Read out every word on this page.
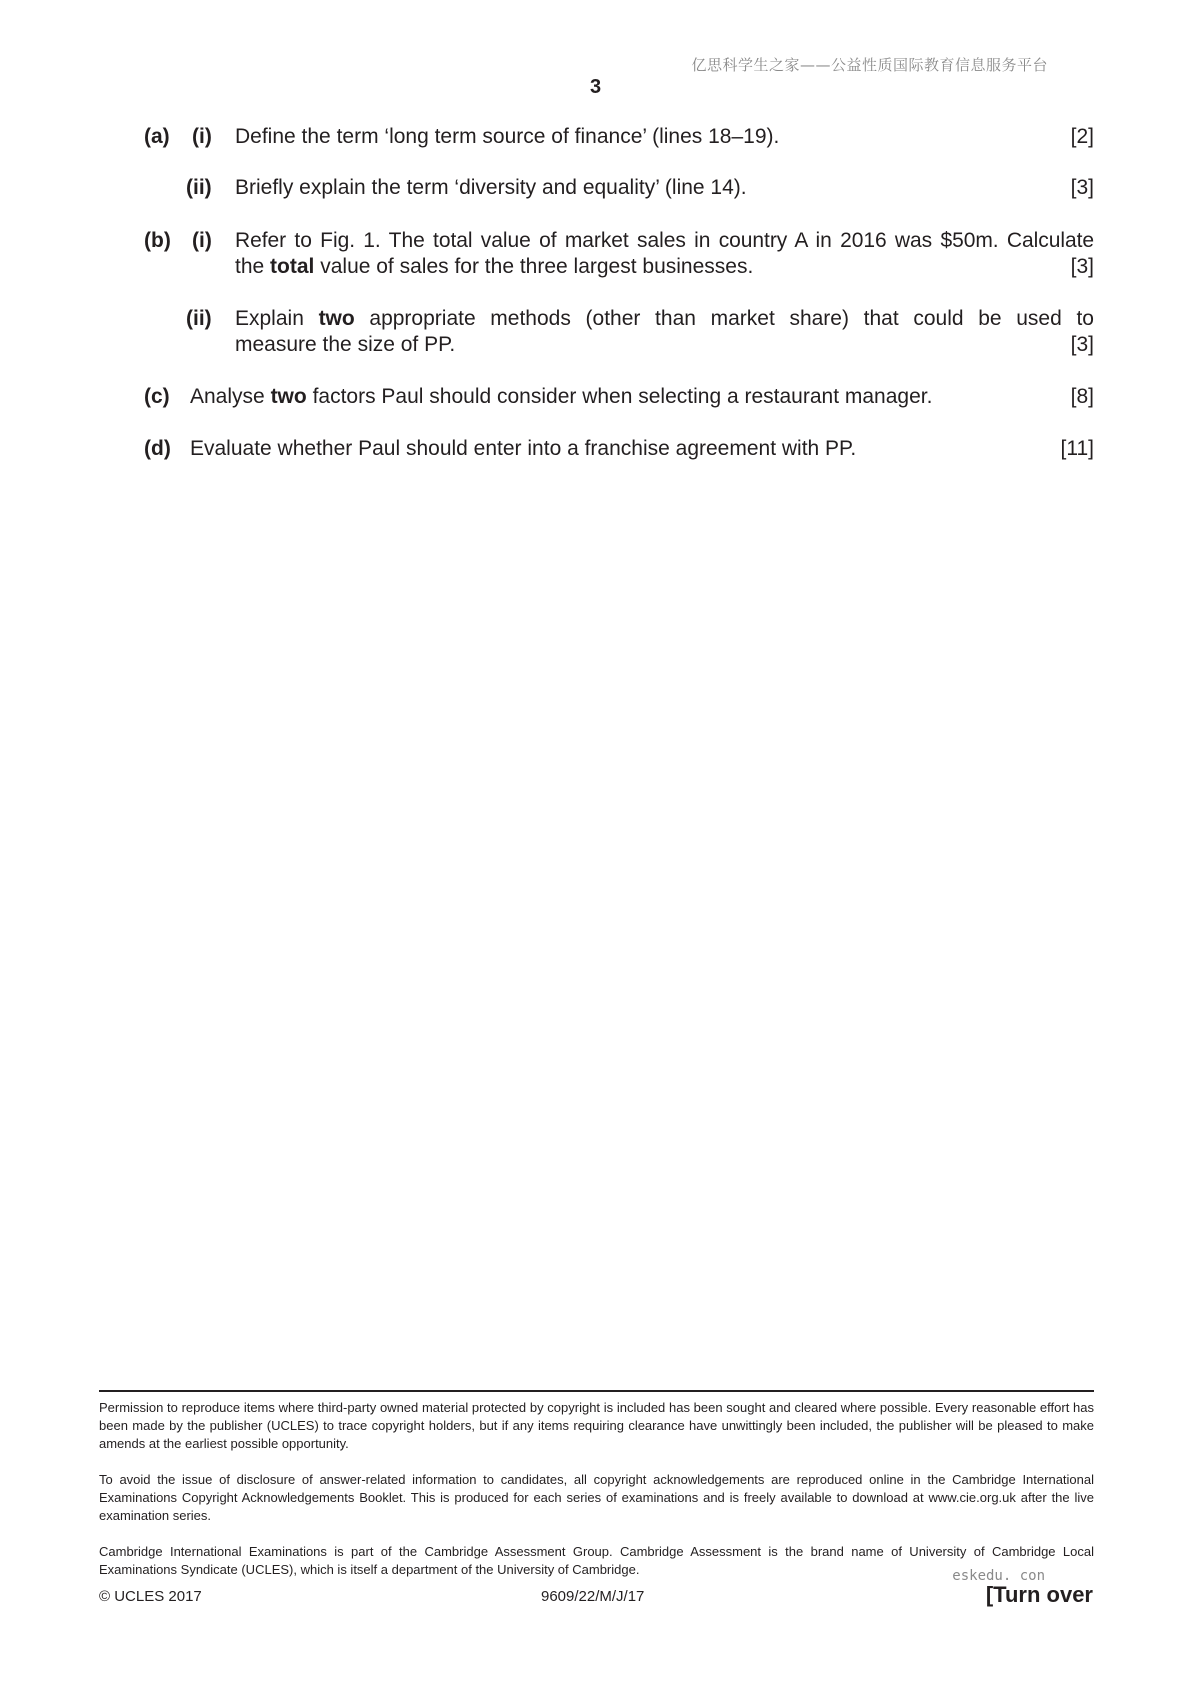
亿思科学生之家——公益性质国际教育信息服务平台
3
(a) (i) Define the term ‘long term source of finance’ (lines 18–19).	[2]
(ii) Briefly explain the term ‘diversity and equality’ (line 14).	[3]
(b) (i) Refer to Fig. 1. The total value of market sales in country A in 2016 was $50m. Calculate
the total value of sales for the three largest businesses.	[3]
(ii) Explain two appropriate methods (other than market share) that could be used to
measure the size of PP.	[3]
(c) Analyse two factors Paul should consider when selecting a restaurant manager.	[8]
(d) Evaluate whether Paul should enter into a franchise agreement with PP.	[11]

Permission to reproduce items where third-party owned material protected by copyright is included has been sought and cleared where possible. Every reasonable effort has been made by the publisher (UCLES) to trace copyright holders, but if any items requiring clearance have unwittingly been included, the publisher will be pleased to make amends at the earliest possible opportunity.

To avoid the issue of disclosure of answer-related information to candidates, all copyright acknowledgements are reproduced online in the Cambridge International Examinations Copyright Acknowledgements Booklet. This is produced for each series of examinations and is freely available to download at www.cie.org.uk after the live examination series.

Cambridge International Examinations is part of the Cambridge Assessment Group. Cambridge Assessment is the brand name of University of Cambridge Local Examinations Syndicate (UCLES), which is itself a department of the University of Cambridge.	eskedu. con
© UCLES 2017	9609/22/M/J/17	[Turn over
